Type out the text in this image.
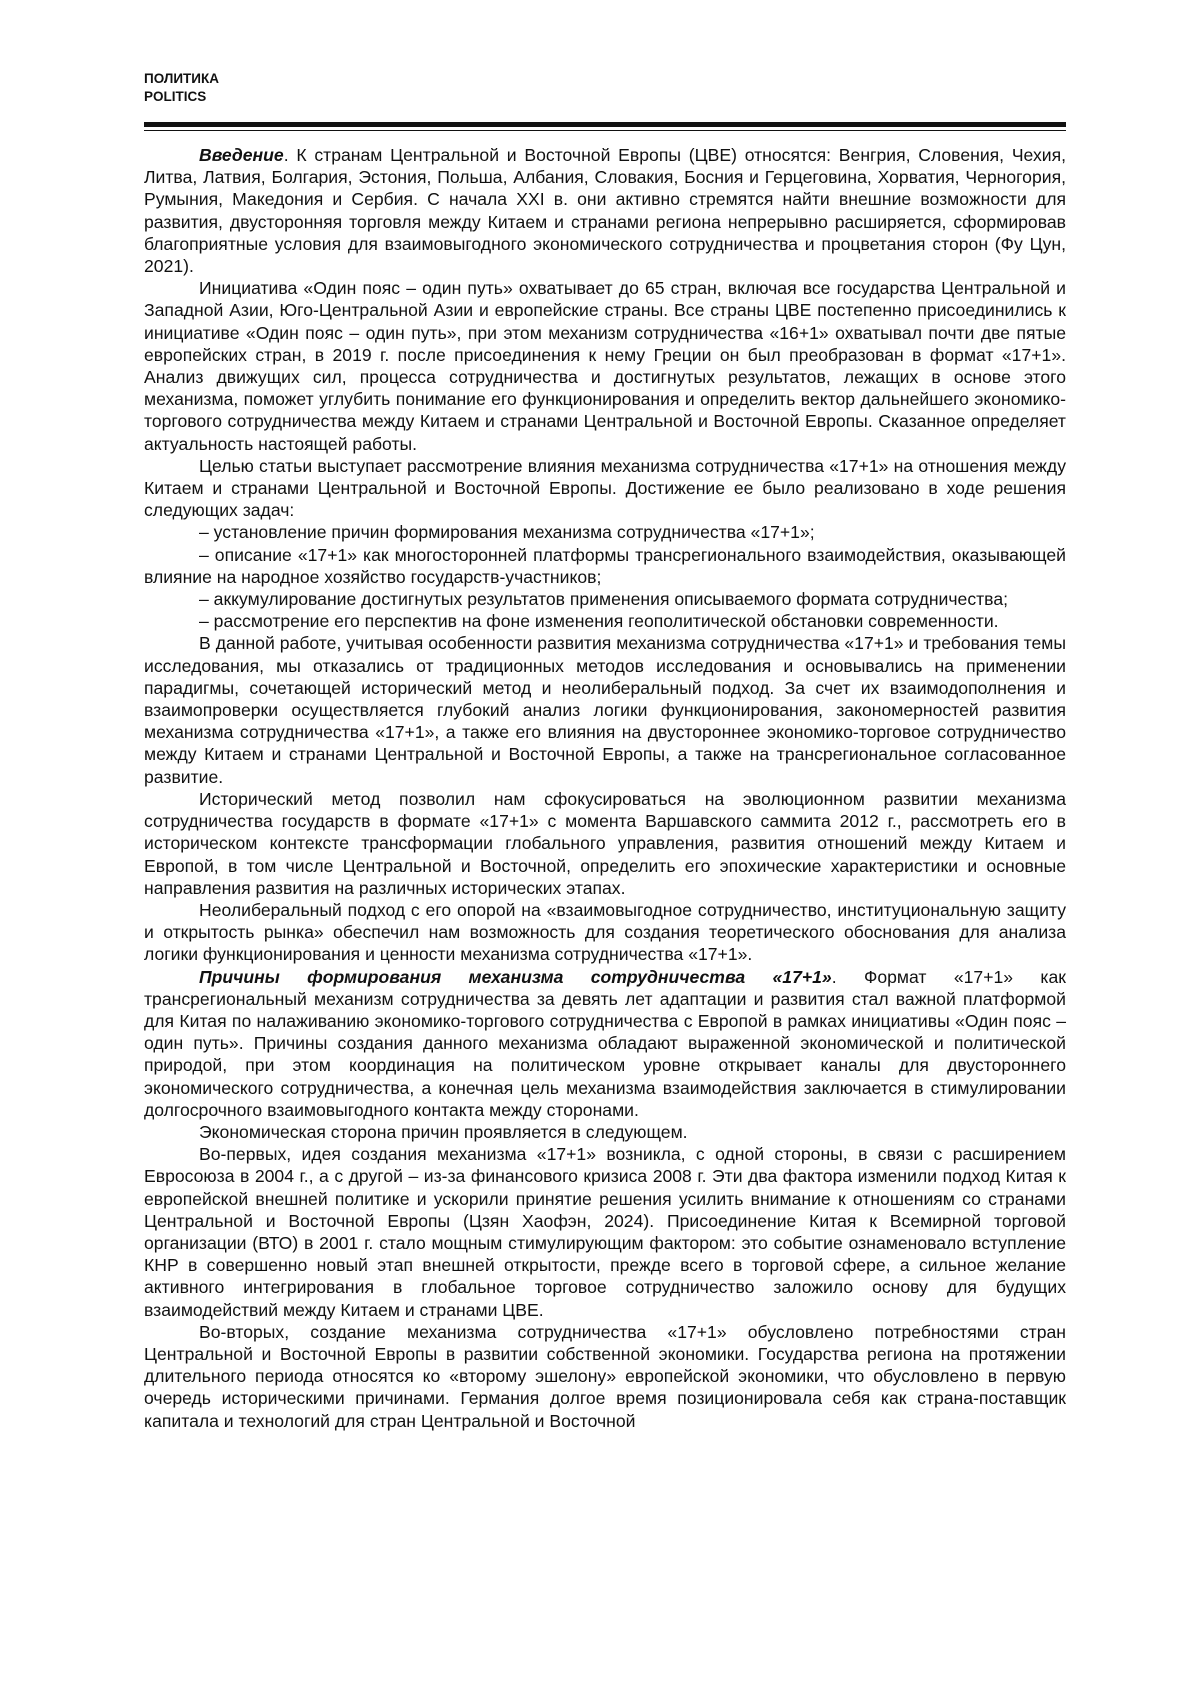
ПОЛИТИКА
POLITICS

Введение. К странам Центральной и Восточной Европы (ЦВЕ) относятся: Венгрия, Словения, Чехия, Литва, Латвия, Болгария, Эстония, Польша, Албания, Словакия, Босния и Герцеговина, Хорватия, Черногория, Румыния, Македония и Сербия. С начала XXI в. они активно стремятся найти внешние возможности для развития, двусторонняя торговля между Китаем и странами региона непрерывно расширяется, сформировав благоприятные условия для взаимовыгодного экономического сотрудничества и процветания сторон (Фу Цун, 2021).

Инициатива «Один пояс – один путь» охватывает до 65 стран, включая все государства Центральной и Западной Азии, Юго-Центральной Азии и европейские страны. Все страны ЦВЕ постепенно присоединились к инициативе «Один пояс – один путь», при этом механизм сотрудничества «16+1» охватывал почти две пятые европейских стран, в 2019 г. после присоединения к нему Греции он был преобразован в формат «17+1». Анализ движущих сил, процесса сотрудничества и достигнутых результатов, лежащих в основе этого механизма, поможет углубить понимание его функционирования и определить вектор дальнейшего экономико-торгового сотрудничества между Китаем и странами Центральной и Восточной Европы. Сказанное определяет актуальность настоящей работы.

Целью статьи выступает рассмотрение влияния механизма сотрудничества «17+1» на отношения между Китаем и странами Центральной и Восточной Европы. Достижение ее было реализовано в ходе решения следующих задач:

– установление причин формирования механизма сотрудничества «17+1»;

– описание «17+1» как многосторонней платформы трансрегионального взаимодействия, оказывающей влияние на народное хозяйство государств-участников;

– аккумулирование достигнутых результатов применения описываемого формата сотрудничества;

– рассмотрение его перспектив на фоне изменения геополитической обстановки современности.

В данной работе, учитывая особенности развития механизма сотрудничества «17+1» и требования темы исследования, мы отказались от традиционных методов исследования и основывались на применении парадигмы, сочетающей исторический метод и неолиберальный подход. За счет их взаимодополнения и взаимопроверки осуществляется глубокий анализ логики функционирования, закономерностей развития механизма сотрудничества «17+1», а также его влияния на двустороннее экономико-торговое сотрудничество между Китаем и странами Центральной и Восточной Европы, а также на трансрегиональное согласованное развитие.

Исторический метод позволил нам сфокусироваться на эволюционном развитии механизма сотрудничества государств в формате «17+1» с момента Варшавского саммита 2012 г., рассмотреть его в историческом контексте трансформации глобального управления, развития отношений между Китаем и Европой, в том числе Центральной и Восточной, определить его эпохические характеристики и основные направления развития на различных исторических этапах.

Неолиберальный подход с его опорой на «взаимовыгодное сотрудничество, институциональную защиту и открытость рынка» обеспечил нам возможность для создания теоретического обоснования для анализа логики функционирования и ценности механизма сотрудничества «17+1».

Причины формирования механизма сотрудничества «17+1». Формат «17+1» как трансрегиональный механизм сотрудничества за девять лет адаптации и развития стал важной платформой для Китая по налаживанию экономико-торгового сотрудничества с Европой в рамках инициативы «Один пояс – один путь». Причины создания данного механизма обладают выраженной экономической и политической природой, при этом координация на политическом уровне открывает каналы для двустороннего экономического сотрудничества, а конечная цель механизма взаимодействия заключается в стимулировании долгосрочного взаимовыгодного контакта между сторонами.

Экономическая сторона причин проявляется в следующем.

Во-первых, идея создания механизма «17+1» возникла, с одной стороны, в связи с расширением Евросоюза в 2004 г., а с другой – из-за финансового кризиса 2008 г. Эти два фактора изменили подход Китая к европейской внешней политике и ускорили принятие решения усилить внимание к отношениям со странами Центральной и Восточной Европы (Цзян Хаофэн, 2024). Присоединение Китая к Всемирной торговой организации (ВТО) в 2001 г. стало мощным стимулирующим фактором: это событие ознаменовало вступление КНР в совершенно новый этап внешней открытости, прежде всего в торговой сфере, а сильное желание активного интегрирования в глобальное торговое сотрудничество заложило основу для будущих взаимодействий между Китаем и странами ЦВЕ.

Во-вторых, создание механизма сотрудничества «17+1» обусловлено потребностями стран Центральной и Восточной Европы в развитии собственной экономики. Государства региона на протяжении длительного периода относятся ко «второму эшелону» европейской экономики, что обусловлено в первую очередь историческими причинами. Германия долгое время позиционировала себя как страна-поставщик капитала и технологий для стран Центральной и Восточной
